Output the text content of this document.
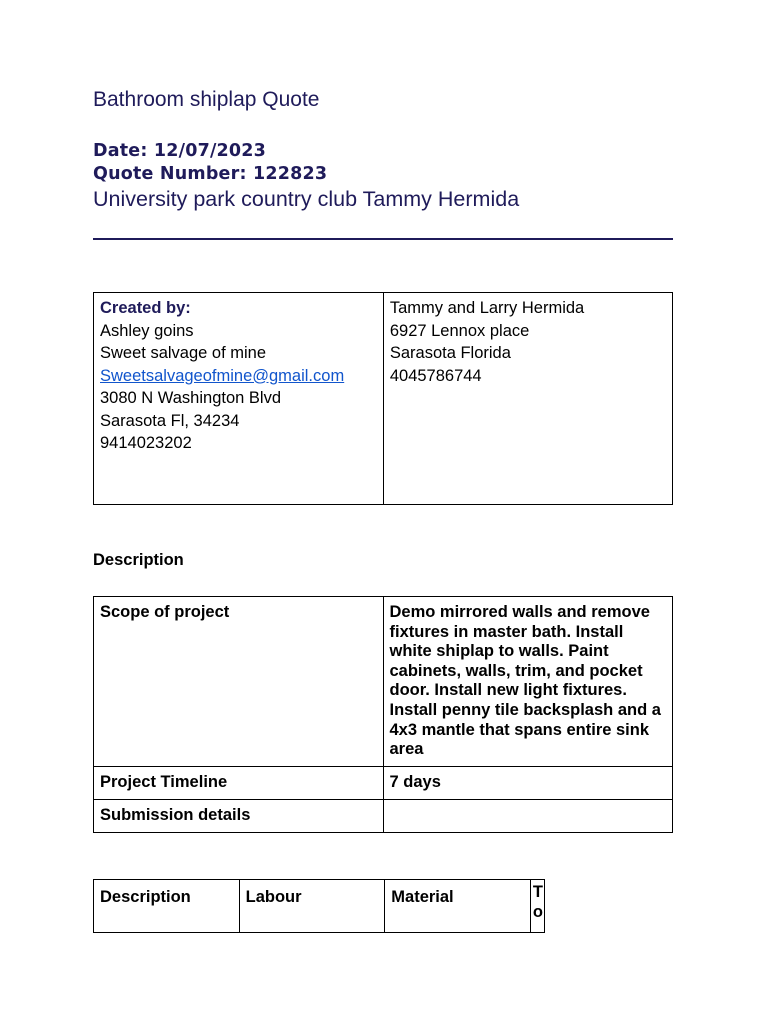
Bathroom shiplap Quote
Date: 12/07/2023
Quote Number: 122823
University park country club Tammy Hermida
Created by:
Ashley goins
Sweet salvage of mine
Sweetsalvageofmine@gmail.com
3080 N Washington Blvd
Sarasota Fl, 34234
9414023202

Tammy and Larry Hermida
6927 Lennox place
Sarasota Florida
4045786744
Description
Scope of project	Demo mirrored walls and remove fixtures in master bath. Install white shiplap to walls. Paint cabinets, walls, trim, and pocket door. Install new light fixtures. Install penny tile backsplash and a 4x3 mantle that spans entire sink area
Project Timeline	7 days
Submission details	
Description	Labour	Material	To
